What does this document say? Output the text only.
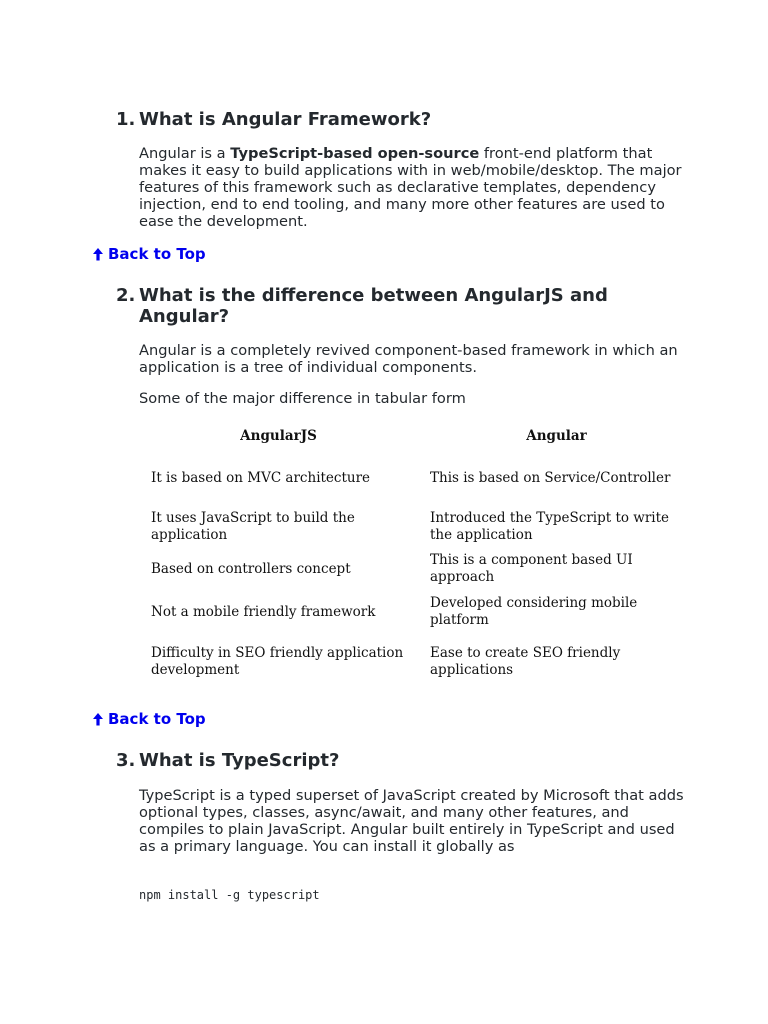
1. What is Angular Framework?

Angular is a TypeScript-based open-source front-end platform that makes it easy to build applications with in web/mobile/desktop. The major features of this framework such as declarative templates, dependency injection, end to end tooling, and many more other features are used to ease the development.

Back to Top
2. What is the difference between AngularJS and Angular?

Angular is a completely revived component-based framework in which an application is a tree of individual components.

Some of the major difference in tabular form

AngularJS	Angular
It is based on MVC architecture	This is based on Service/Controller
It uses JavaScript to build the application	Introduced the TypeScript to write the application
Based on controllers concept	This is a component based UI approach
Not a mobile friendly framework	Developed considering mobile platform
Difficulty in SEO friendly application development	Ease to create SEO friendly applications
Back to Top
3. What is TypeScript?

TypeScript is a typed superset of JavaScript created by Microsoft that adds optional types, classes, async/await, and many other features, and compiles to plain JavaScript. Angular built entirely in TypeScript and used as a primary language. You can install it globally as

npm install -g typescript
